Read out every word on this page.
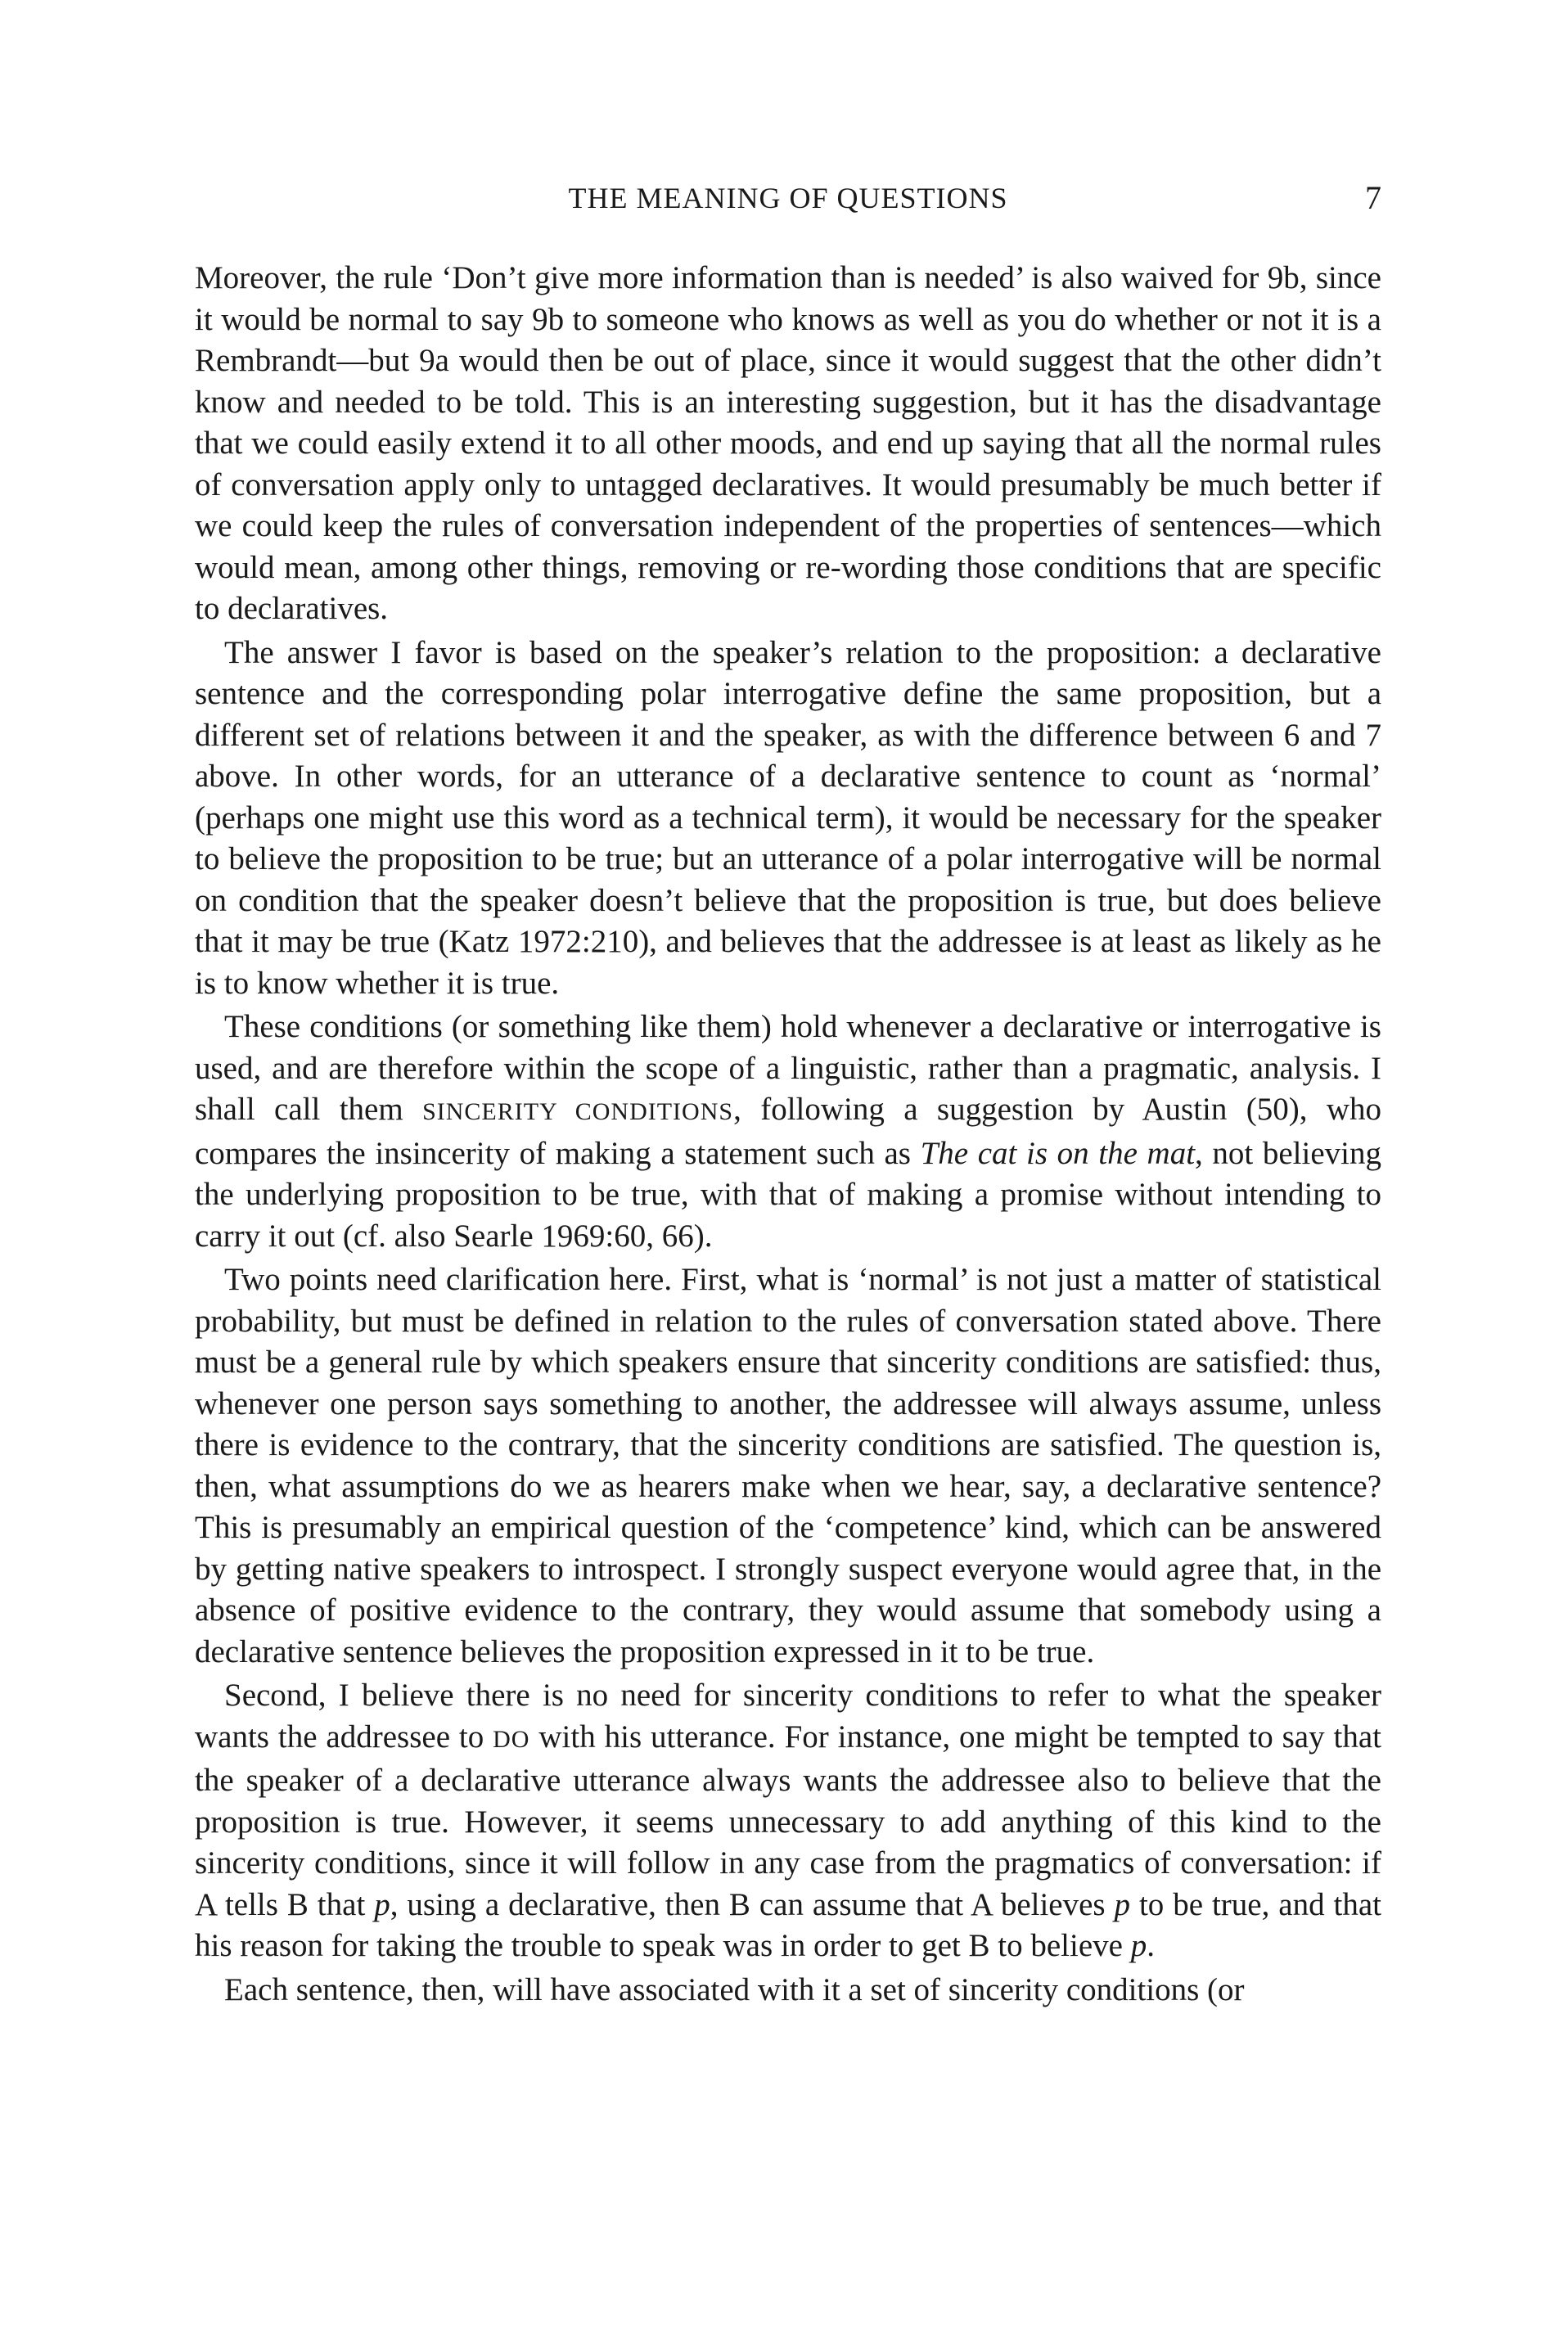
THE MEANING OF QUESTIONS	7

Moreover, the rule ‘Don’t give more information than is needed’ is also waived for 9b, since it would be normal to say 9b to someone who knows as well as you do whether or not it is a Rembrandt—but 9a would then be out of place, since it would suggest that the other didn’t know and needed to be told. This is an interesting suggestion, but it has the disadvantage that we could easily extend it to all other moods, and end up saying that all the normal rules of conversation apply only to untagged declaratives. It would presumably be much better if we could keep the rules of conversation independent of the properties of sentences—which would mean, among other things, removing or re-wording those conditions that are specific to declaratives.

The answer I favor is based on the speaker’s relation to the proposition: a declarative sentence and the corresponding polar interrogative define the same proposition, but a different set of relations between it and the speaker, as with the difference between 6 and 7 above. In other words, for an utterance of a declarative sentence to count as ‘normal’ (perhaps one might use this word as a technical term), it would be necessary for the speaker to believe the proposition to be true; but an utterance of a polar interrogative will be normal on condition that the speaker doesn’t believe that the proposition is true, but does believe that it may be true (Katz 1972:210), and believes that the addressee is at least as likely as he is to know whether it is true.

These conditions (or something like them) hold whenever a declarative or interrogative is used, and are therefore within the scope of a linguistic, rather than a pragmatic, analysis. I shall call them SINCERITY CONDITIONS, following a suggestion by Austin (50), who compares the insincerity of making a statement such as The cat is on the mat, not believing the underlying proposition to be true, with that of making a promise without intending to carry it out (cf. also Searle 1969:60, 66).

Two points need clarification here. First, what is ‘normal’ is not just a matter of statistical probability, but must be defined in relation to the rules of conversation stated above. There must be a general rule by which speakers ensure that sincerity conditions are satisfied: thus, whenever one person says something to another, the addressee will always assume, unless there is evidence to the contrary, that the sincerity conditions are satisfied. The question is, then, what assumptions do we as hearers make when we hear, say, a declarative sentence? This is presumably an empirical question of the ‘competence’ kind, which can be answered by getting native speakers to introspect. I strongly suspect everyone would agree that, in the absence of positive evidence to the contrary, they would assume that somebody using a declarative sentence believes the proposition expressed in it to be true.

Second, I believe there is no need for sincerity conditions to refer to what the speaker wants the addressee to DO with his utterance. For instance, one might be tempted to say that the speaker of a declarative utterance always wants the addressee also to believe that the proposition is true. However, it seems unnecessary to add anything of this kind to the sincerity conditions, since it will follow in any case from the pragmatics of conversation: if A tells B that p, using a declarative, then B can assume that A believes p to be true, and that his reason for taking the trouble to speak was in order to get B to believe p.

Each sentence, then, will have associated with it a set of sincerity conditions (or
